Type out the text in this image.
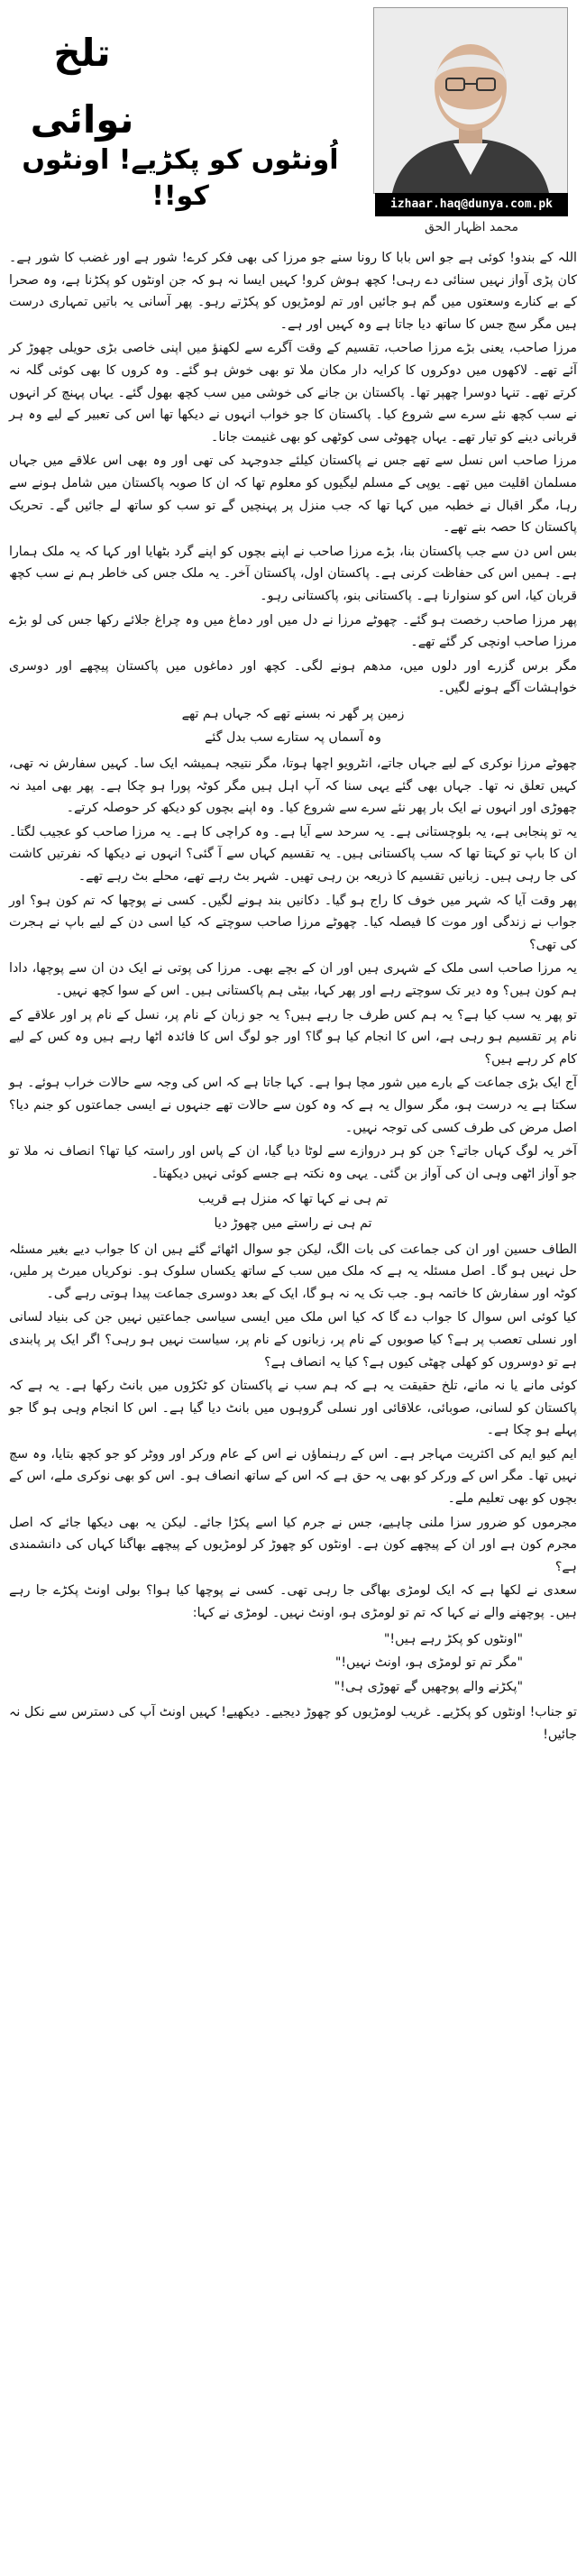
تلخ نوائی
اُونٹوں کو پکڑیے! اونٹوں کو!!	izhaar.haq@dunya.com.pk
محمد اظہار الحق

اللہ کے بندو! کوئی ہے جو اس بابا کا رونا سنے جو مرزا کی بھی فکر کرے! شور ہے اور غضب کا شور ہے۔ کان پڑی آواز نہیں سنائی دے رہی! کچھ ہوش کرو! کہیں ایسا نہ ہو کہ جن اونٹوں کو پکڑنا ہے، وہ صحرا کے بے کنارے وسعتوں میں گم ہو جائیں اور تم لومڑیوں کو پکڑتے رہو۔ پھر آسانی یہ باتیں تمہاری درست ہیں مگر سچ جس کا ساتھ دیا جاتا ہے وہ کہیں اور ہے۔

مرزا صاحب، یعنی بڑے مرزا صاحب، تقسیم کے وقت آگرے سے لکھنؤ میں اپنی خاصی بڑی حویلی چھوڑ کر آئے تھے۔ لاکھوں میں دوکروں کا کرایہ دار مکان ملا تو بھی خوش ہو گئے۔ وہ کروں کا بھی کوئی گلہ نہ کرتے تھے۔ تنہا دوسرا چھپر تھا۔ پاکستان بن جانے کی خوشی میں سب کچھ بھول گئے۔ یہاں پہنچ کر انہوں نے سب کچھ نئے سرے سے شروع کیا۔ پاکستان کا جو خواب انہوں نے دیکھا تھا اس کی تعبیر کے لیے وہ ہر قربانی دینے کو تیار تھے۔ یہاں چھوٹی سی کوٹھی کو بھی غنیمت جانا۔

مرزا صاحب اس نسل سے تھے جس نے پاکستان کیلئے جدوجہد کی تھی اور وہ بھی اس علاقے میں جہاں مسلمان اقلیت میں تھے۔ یوپی کے مسلم لیگیوں کو معلوم تھا کہ ان کا صوبہ پاکستان میں شامل ہونے سے رہا، مگر اقبال نے خطبہ میں کہا تھا کہ جب منزل پر پہنچیں گے تو سب کو ساتھ لے جائیں گے۔ تحریک پاکستان کا حصہ بنے تھے۔

بس اس دن سے جب پاکستان بنا، بڑے مرزا صاحب نے اپنے بچوں کو اپنے گرد بٹھایا اور کہا کہ یہ ملک ہمارا ہے۔ ہمیں اس کی حفاظت کرنی ہے۔ پاکستان اول، پاکستان آخر۔ یہ ملک جس کی خاطر ہم نے سب کچھ قربان کیا، اس کو سنوارنا ہے۔ پاکستانی بنو، پاکستانی رہو۔

پھر مرزا صاحب رخصت ہو گئے۔ چھوٹے مرزا نے دل میں اور دماغ میں وہ چراغ جلائے رکھا جس کی لو بڑے مرزا صاحب اونچی کر گئے تھے۔

مگر برس گزرے اور دلوں میں، مدھم ہونے لگی۔ کچھ اور دماغوں میں پاکستان پیچھے اور دوسری خواہشات آگے ہونے لگیں۔

زمین پر گھر نہ بسنے تھے کہ جہاں ہم تھے
وہ آسماں پہ ستارے سب بدل گئے

چھوٹے مرزا نوکری کے لیے جہاں جاتے، انٹرویو اچھا ہوتا، مگر نتیجہ ہمیشہ ایک سا۔ کہیں سفارش نہ تھی، کہیں تعلق نہ تھا۔ جہاں بھی گئے یہی سنا کہ آپ اہل ہیں مگر کوٹہ پورا ہو چکا ہے۔ پھر بھی امید نہ چھوڑی اور انہوں نے ایک بار پھر نئے سرے سے شروع کیا۔ وہ اپنے بچوں کو دیکھ کر حوصلہ کرتے۔

یہ تو پنجابی ہے، یہ بلوچستانی ہے۔ یہ سرحد سے آیا ہے۔ وہ کراچی کا ہے۔ یہ مرزا صاحب کو عجیب لگتا۔ ان کا باپ تو کہتا تھا کہ سب پاکستانی ہیں۔ یہ تقسیم کہاں سے آ گئی؟ انہوں نے دیکھا کہ نفرتیں کاشت کی جا رہی ہیں۔ زبانیں تقسیم کا ذریعہ بن رہی تھیں۔ شہر بٹ رہے تھے، محلے بٹ رہے تھے۔

پھر وقت آیا کہ شہر میں خوف کا راج ہو گیا۔ دکانیں بند ہونے لگیں۔ کسی نے پوچھا کہ تم کون ہو؟ اور جواب نے زندگی اور موت کا فیصلہ کیا۔ چھوٹے مرزا صاحب سوچتے کہ کیا اسی دن کے لیے باپ نے ہجرت کی تھی؟

یہ مرزا صاحب اسی ملک کے شہری ہیں اور ان کے بچے بھی۔ مرزا کی پوتی نے ایک دن ان سے پوچھا، دادا ہم کون ہیں؟ وہ دیر تک سوچتے رہے اور پھر کہا، بیٹی ہم پاکستانی ہیں۔ اس کے سوا کچھ نہیں۔

تو پھر یہ سب کیا ہے؟ یہ ہم کس طرف جا رہے ہیں؟ یہ جو زبان کے نام پر، نسل کے نام پر اور علاقے کے نام پر تقسیم ہو رہی ہے، اس کا انجام کیا ہو گا؟ اور جو لوگ اس کا فائدہ اٹھا رہے ہیں وہ کس کے لیے کام کر رہے ہیں؟

آج ایک بڑی جماعت کے بارے میں شور مچا ہوا ہے۔ کہا جاتا ہے کہ اس کی وجہ سے حالات خراب ہوئے۔ ہو سکتا ہے یہ درست ہو، مگر سوال یہ ہے کہ وہ کون سے حالات تھے جنہوں نے ایسی جماعتوں کو جنم دیا؟ اصل مرض کی طرف کسی کی توجہ نہیں۔

آخر یہ لوگ کہاں جاتے؟ جن کو ہر دروازے سے لوٹا دیا گیا، ان کے پاس اور راستہ کیا تھا؟ انصاف نہ ملا تو جو آواز اٹھی وہی ان کی آواز بن گئی۔ یہی وہ نکتہ ہے جسے کوئی نہیں دیکھتا۔

تم ہی نے کہا تھا کہ منزل ہے قریب
تم ہی نے راستے میں چھوڑ دیا

الطاف حسین اور ان کی جماعت کی بات الگ، لیکن جو سوال اٹھائے گئے ہیں ان کا جواب دیے بغیر مسئلہ حل نہیں ہو گا۔ اصل مسئلہ یہ ہے کہ ملک میں سب کے ساتھ یکساں سلوک ہو۔ نوکریاں میرٹ پر ملیں، کوٹہ اور سفارش کا خاتمہ ہو۔ جب تک یہ نہ ہو گا، ایک کے بعد دوسری جماعت پیدا ہوتی رہے گی۔

کیا کوئی اس سوال کا جواب دے گا کہ کیا اس ملک میں ایسی سیاسی جماعتیں نہیں جن کی بنیاد لسانی اور نسلی تعصب پر ہے؟ کیا صوبوں کے نام پر، زبانوں کے نام پر، سیاست نہیں ہو رہی؟ اگر ایک پر پابندی ہے تو دوسروں کو کھلی چھٹی کیوں ہے؟ کیا یہ انصاف ہے؟

کوئی مانے یا نہ مانے، تلخ حقیقت یہ ہے کہ ہم سب نے پاکستان کو ٹکڑوں میں بانٹ رکھا ہے۔ یہ ہے کہ پاکستان کو لسانی، صوبائی، علاقائی اور نسلی گروہوں میں بانٹ دیا گیا ہے۔ اس کا انجام وہی ہو گا جو پہلے ہو چکا ہے۔

ایم کیو ایم کی اکثریت مہاجر ہے۔ اس کے رہنماؤں نے اس کے عام ورکر اور ووٹر کو جو کچھ بتایا، وہ سچ نہیں تھا۔ مگر اس کے ورکر کو بھی یہ حق ہے کہ اس کے ساتھ انصاف ہو۔ اس کو بھی نوکری ملے، اس کے بچوں کو بھی تعلیم ملے۔

مجرموں کو ضرور سزا ملنی چاہیے، جس نے جرم کیا اسے پکڑا جائے۔ لیکن یہ بھی دیکھا جائے کہ اصل مجرم کون ہے اور ان کے پیچھے کون ہے۔ اونٹوں کو چھوڑ کر لومڑیوں کے پیچھے بھاگنا کہاں کی دانشمندی ہے؟

سعدی نے لکھا ہے کہ ایک لومڑی بھاگی جا رہی تھی۔ کسی نے پوچھا کیا ہوا؟ بولی اونٹ پکڑے جا رہے ہیں۔ پوچھنے والے نے کہا کہ تم تو لومڑی ہو، اونٹ نہیں۔ لومڑی نے کہا:

"اونٹوں کو پکڑ رہے ہیں!"

"مگر تم تو لومڑی ہو، اونٹ نہیں!"

"پکڑنے والے پوچھیں گے تھوڑی ہی!"

تو جناب! اونٹوں کو پکڑیے۔ غریب لومڑیوں کو چھوڑ دیجیے۔ دیکھیے! کہیں اونٹ آپ کی دسترس سے نکل نہ جائیں!
